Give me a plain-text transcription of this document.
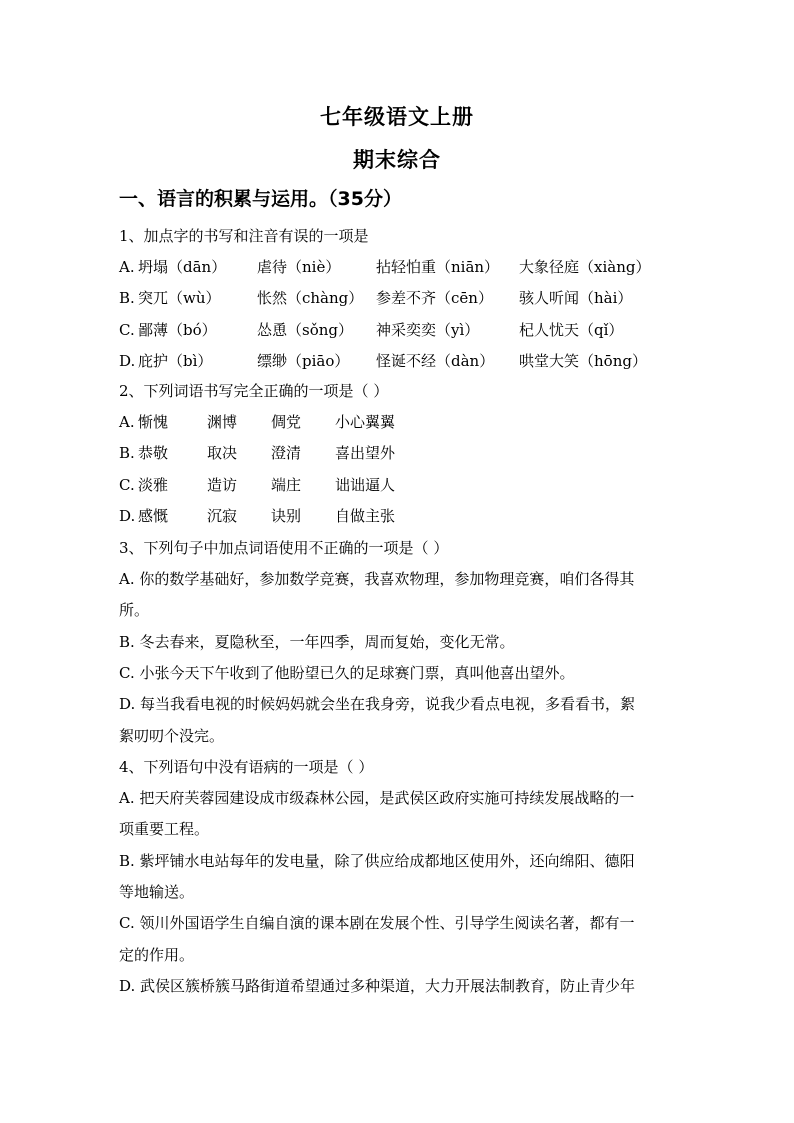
七年级语文上册
期末综合
一、语言的积累与运用。（35分）
1、加点字的书写和注音有误的一项是
A. 坍塌（dān） 虐待（niè） 拈轻怕重（niān） 大象径庭（xiàng）
B. 突兀（wù） 怅然（chàng） 参差不齐（cēn） 骇人听闻（hài）
C. 鄙薄（bó）	怂恿（sǒng） 神采奕奕（yì）	杞人忧天（qǐ）
D. 庇护（bì）	缥缈（piāo） 怪诞不经（dàn） 哄堂大笑（hōng）
2、下列词语书写完全正确的一项是（ ）
A. 惭愧	渊博 倜党 小心翼翼
B. 恭敬	取决 澄清 喜出望外
C. 淡雅	造访 端庄 诎诎逼人
D. 感慨	沉寂 诀别 自做主张
3、下列句子中加点词语使用不正确的一项是（ ）
A. 你的数学基础好，参加数学竞赛，我喜欢物理，参加物理竞赛，咱们各得其
所。
B. 冬去春来，夏隐秋至，一年四季，周而复始，变化无常。
C. 小张今天下午收到了他盼望已久的足球赛门票，真叫他喜出望外。
D. 每当我看电视的时候妈妈就会坐在我身旁，说我少看点电视，多看看书，絮
絮叨叨个没完。
4、下列语句中没有语病的一项是（ ）
A. 把天府芙蓉园建设成市级森林公园，是武侯区政府实施可持续发展战略的一
项重要工程。
B. 紫坪铺水电站每年的发电量，除了供应给成都地区使用外，还向绵阳、德阳
等地输送。
C. 领川外国语学生自编自演的课本剧在发展个性、引导学生阅读名著，都有一
定的作用。
D. 武侯区簇桥簇马路街道希望通过多种渠道，大力开展法制教育，防止青少年
